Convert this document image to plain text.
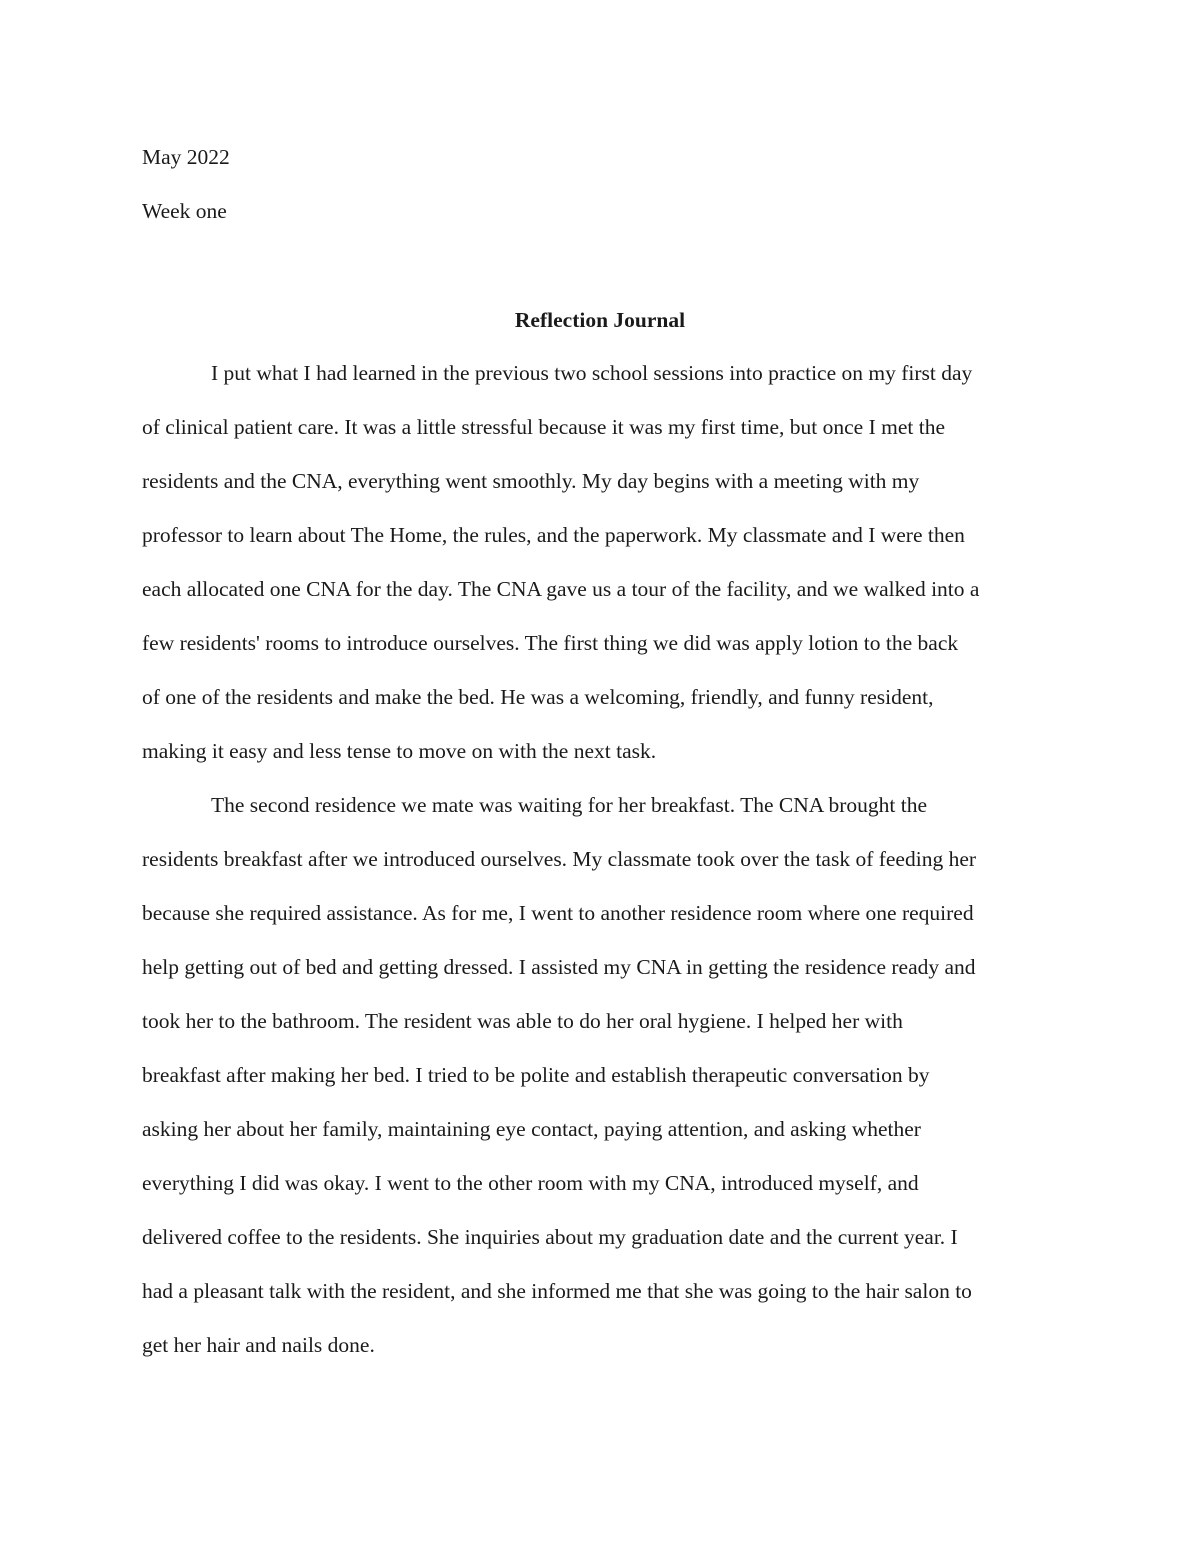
May 2022
Week one
Reflection Journal
I put what I had learned in the previous two school sessions into practice on my first day
of clinical patient care. It was a little stressful because it was my first time, but once I met the
residents and the CNA, everything went smoothly. My day begins with a meeting with my
professor to learn about The Home, the rules, and the paperwork. My classmate and I were then
each allocated one CNA for the day. The CNA gave us a tour of the facility, and we walked into a
few residents' rooms to introduce ourselves. The first thing we did was apply lotion to the back
of one of the residents and make the bed. He was a welcoming, friendly, and funny resident,
making it easy and less tense to move on with the next task.
The second residence we mate was waiting for her breakfast. The CNA brought the
residents breakfast after we introduced ourselves. My classmate took over the task of feeding her
because she required assistance. As for me, I went to another residence room where one required
help getting out of bed and getting dressed. I assisted my CNA in getting the residence ready and
took her to the bathroom. The resident was able to do her oral hygiene. I helped her with
breakfast after making her bed. I tried to be polite and establish therapeutic conversation by
asking her about her family, maintaining eye contact, paying attention, and asking whether
everything I did was okay. I went to the other room with my CNA, introduced myself, and
delivered coffee to the residents. She inquiries about my graduation date and the current year. I
had a pleasant talk with the resident, and she informed me that she was going to the hair salon to
get her hair and nails done.
